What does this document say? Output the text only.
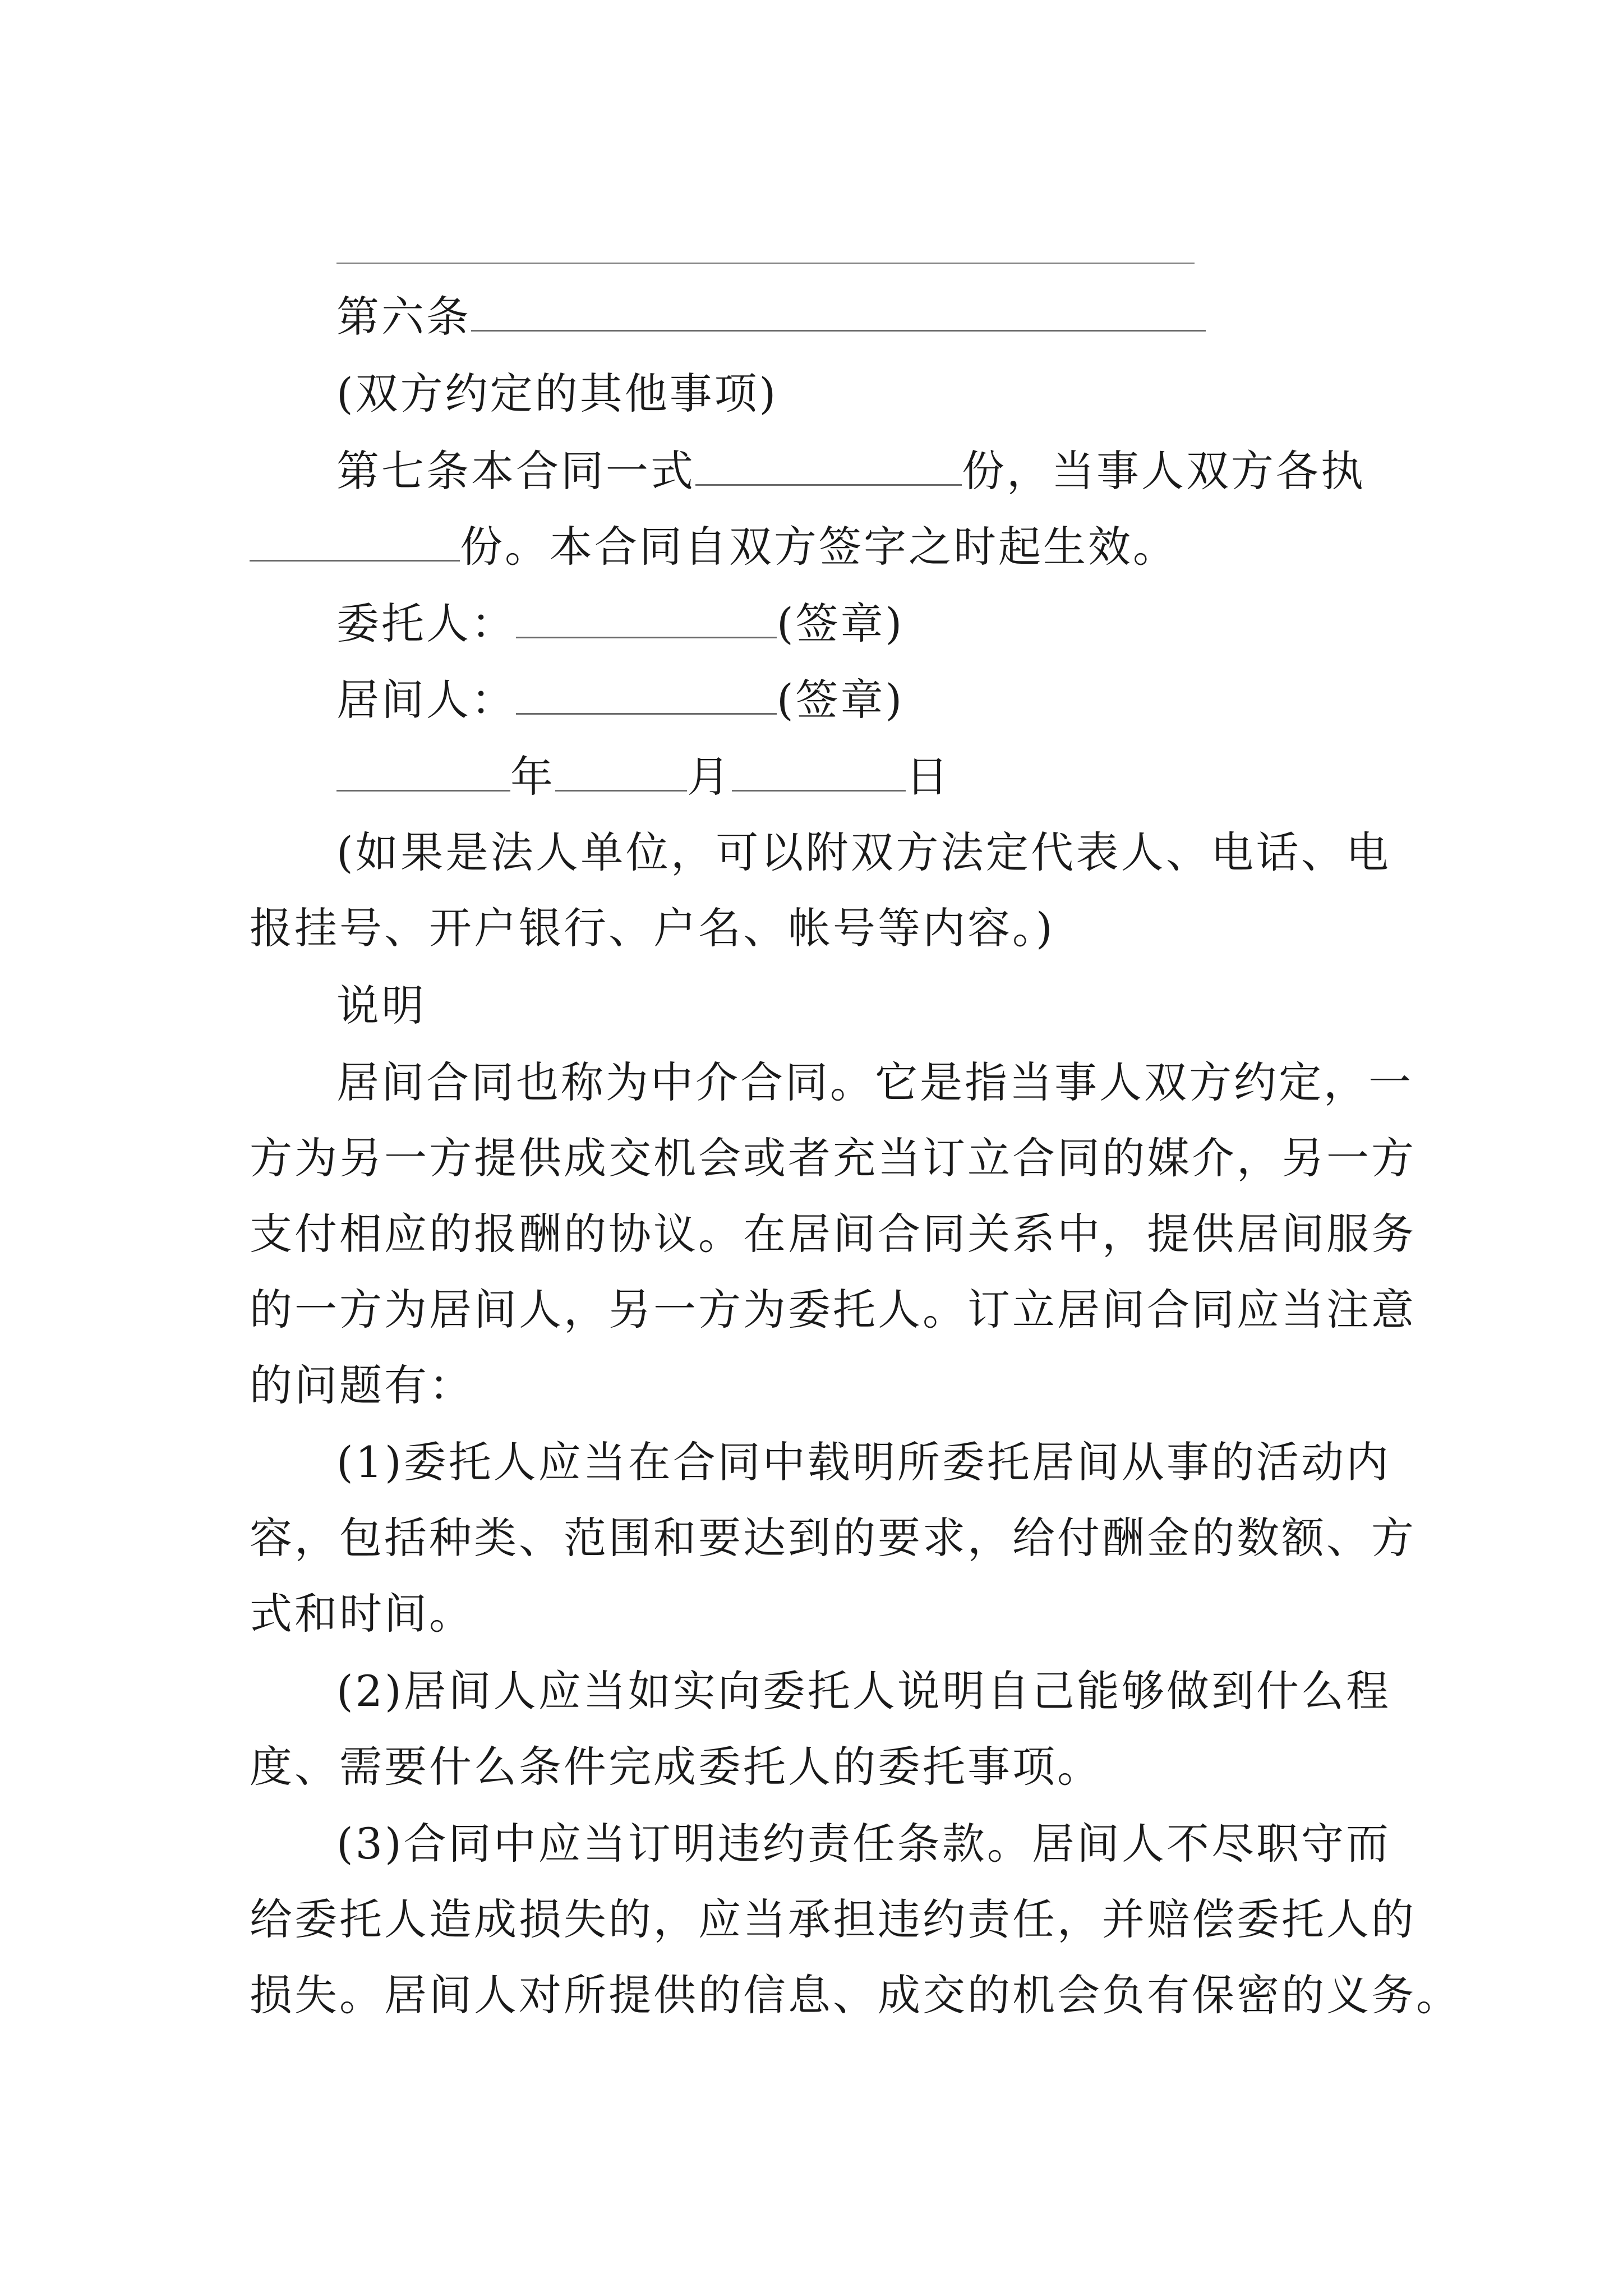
第六条
(双方约定的其他事项)
第七条本合同一式	份，当事人双方各执
份。本合同自双方签字之时起生效。
委托人：	(签章)
居间人：	(签章)
年	月	日
(如果是法人单位，可以附双方法定代表人、电话、电
报挂号、开户银行、户名、帐号等内容。)
说明
居间合同也称为中介合同。它是指当事人双方约定，一
方为另一方提供成交机会或者充当订立合同的媒介，另一方
支付相应的报酬的协议。在居间合同关系中，提供居间服务
的一方为居间人，另一方为委托人。订立居间合同应当注意
的问题有：
(1)委托人应当在合同中载明所委托居间从事的活动内
容，包括种类、范围和要达到的要求，给付酬金的数额、方
式和时间。
(2)居间人应当如实向委托人说明自己能够做到什么程
度、需要什么条件完成委托人的委托事项。
(3)合同中应当订明违约责任条款。居间人不尽职守而
给委托人造成损失的，应当承担违约责任，并赔偿委托人的
损失。居间人对所提供的信息、成交的机会负有保密的义务。
